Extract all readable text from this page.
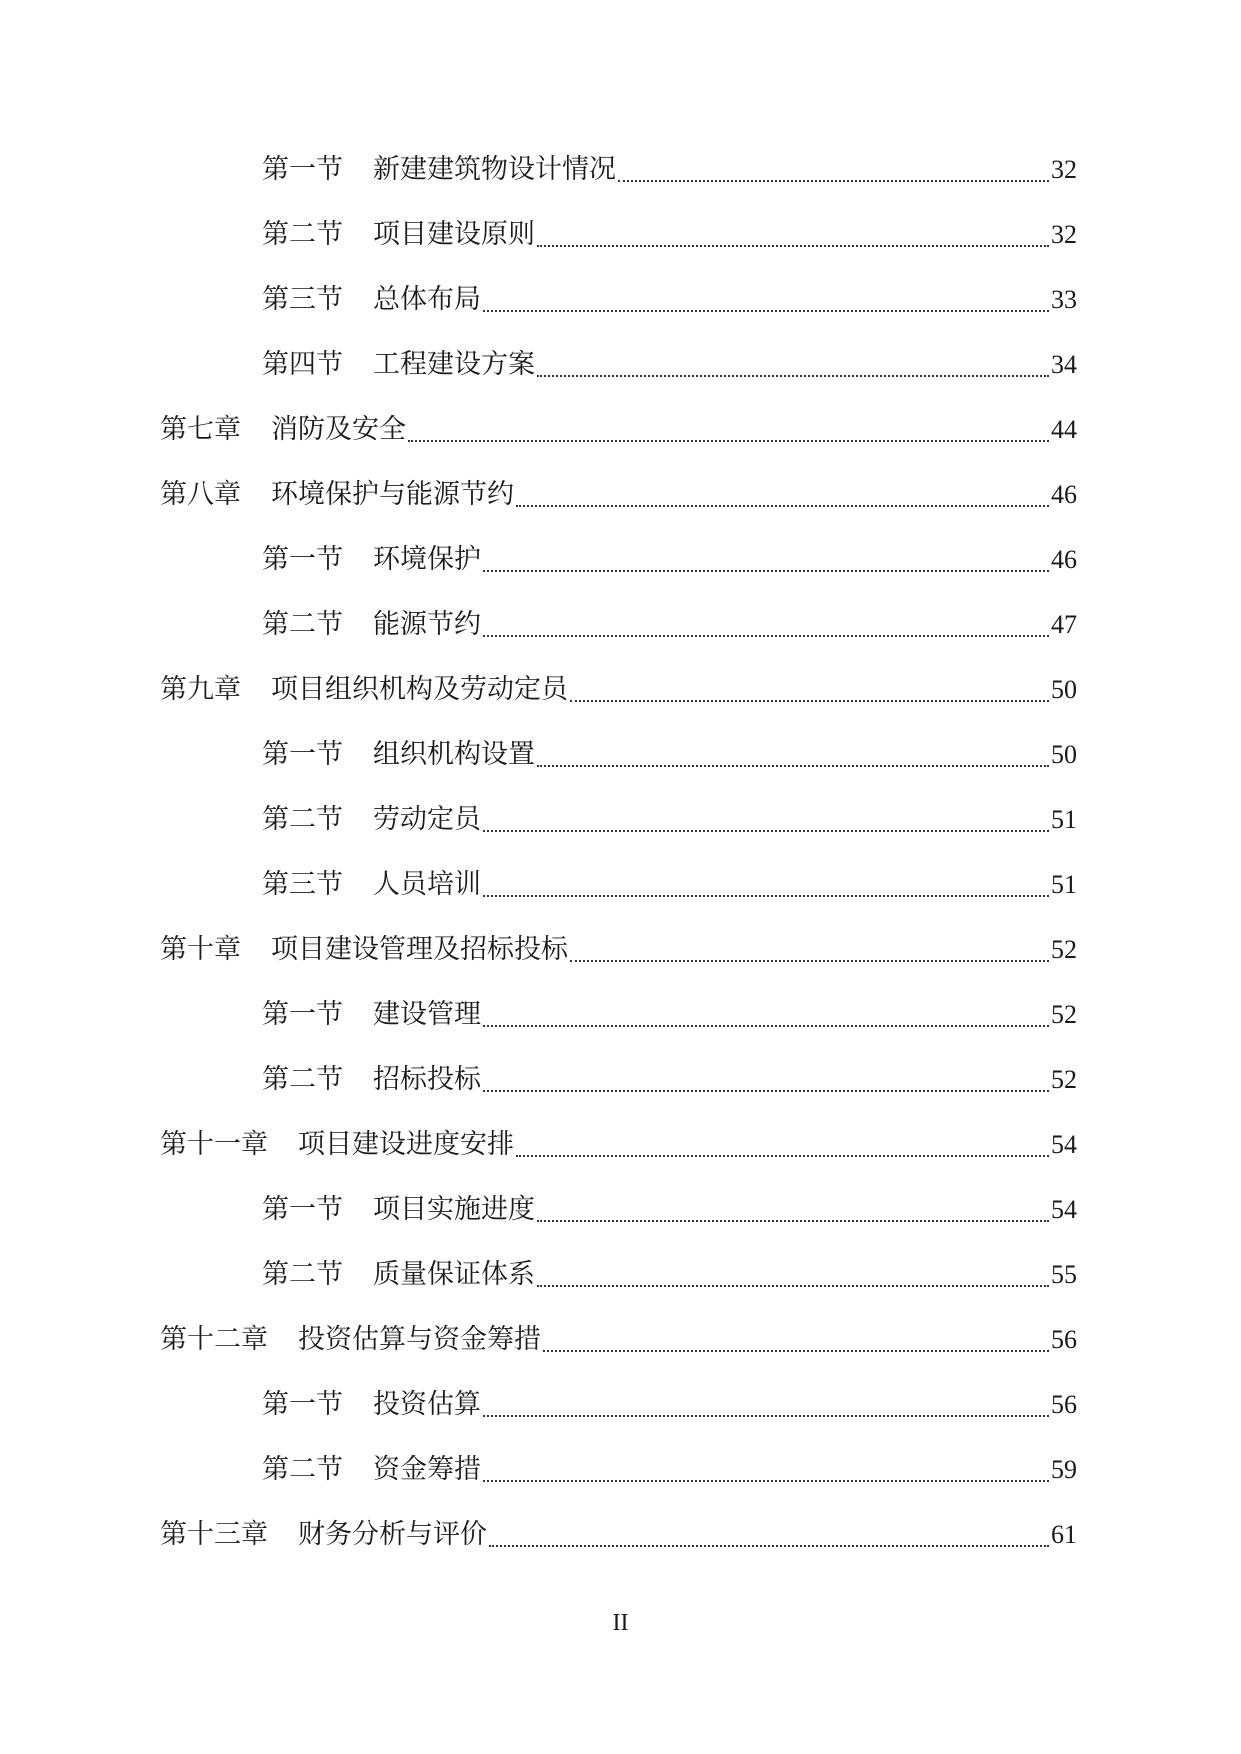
第一节 新建建筑物设计情况	32
第二节 项目建设原则	32
第三节 总体布局	33
第四节 工程建设方案	34
第七章 消防及安全	44
第八章 环境保护与能源节约	46
第一节 环境保护	46
第二节 能源节约	47
第九章 项目组织机构及劳动定员	50
第一节 组织机构设置	50
第二节 劳动定员	51
第三节 人员培训	51
第十章 项目建设管理及招标投标	52
第一节 建设管理	52
第二节 招标投标	52
第十一章 项目建设进度安排	54
第一节 项目实施进度	54
第二节 质量保证体系	55
第十二章 投资估算与资金筹措	56
第一节 投资估算	56
第二节 资金筹措	59
第十三章 财务分析与评价	61
II
